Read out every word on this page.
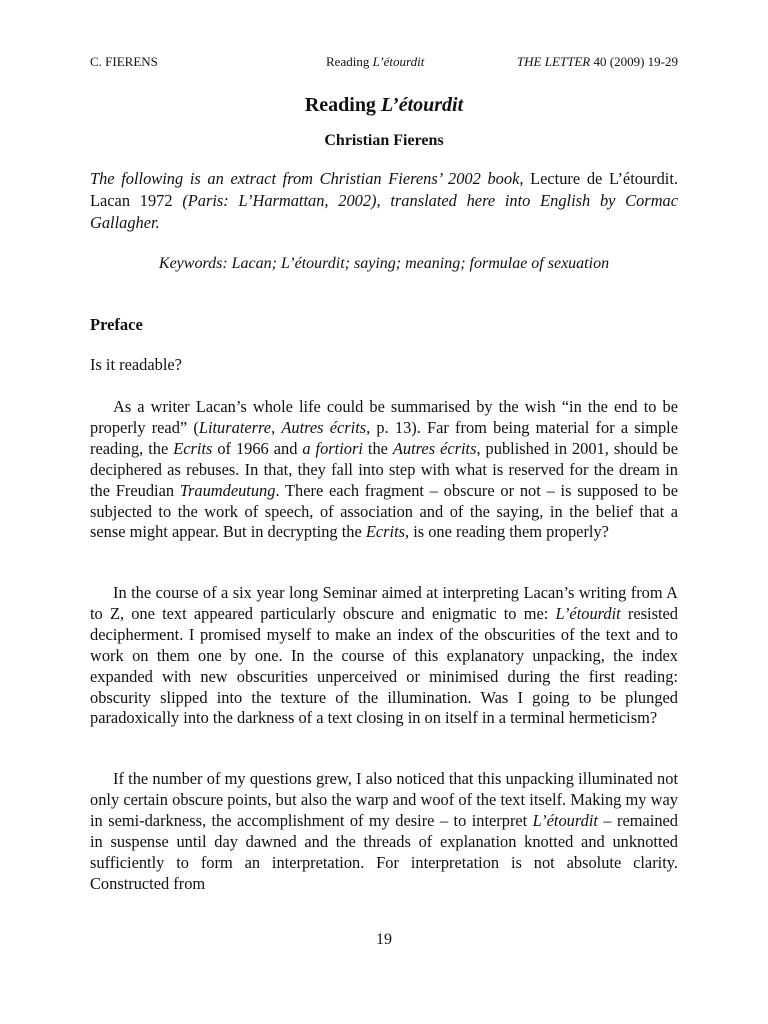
C. FIERENS	Reading L’étourdit	THE LETTER 40 (2009) 19-29
Reading L’étourdit
Christian Fierens
The following is an extract from Christian Fierens’ 2002 book, Lecture de L’étourdit. Lacan 1972 (Paris: L’Harmattan, 2002), translated here into English by Cormac Gallagher.
Keywords: Lacan; L’étourdit; saying; meaning; formulae of sexuation
Preface

Is it readable?

As a writer Lacan’s whole life could be summarised by the wish “in the end to be properly read” (Lituraterre, Autres écrits, p. 13). Far from being material for a simple reading, the Ecrits of 1966 and a fortiori the Autres écrits, published in 2001, should be deciphered as rebuses. In that, they fall into step with what is reserved for the dream in the Freudian Traumdeutung. There each fragment – obscure or not – is supposed to be subjected to the work of speech, of association and of the saying, in the belief that a sense might appear. But in decrypting the Ecrits, is one reading them properly?

In the course of a six year long Seminar aimed at interpreting Lacan’s writing from A to Z, one text appeared particularly obscure and enigmatic to me: L’étourdit resisted decipherment. I promised myself to make an index of the obscurities of the text and to work on them one by one. In the course of this explanatory unpacking, the index expanded with new obscurities unperceived or minimised during the first reading: obscurity slipped into the texture of the illumination. Was I going to be plunged paradoxically into the darkness of a text closing in on itself in a terminal hermeticism?

If the number of my questions grew, I also noticed that this unpacking illuminated not only certain obscure points, but also the warp and woof of the text itself. Making my way in semi-darkness, the accomplishment of my desire – to interpret L’étourdit – remained in suspense until day dawned and the threads of explanation knotted and unknotted sufficiently to form an interpretation. For interpretation is not absolute clarity. Constructed from

19
